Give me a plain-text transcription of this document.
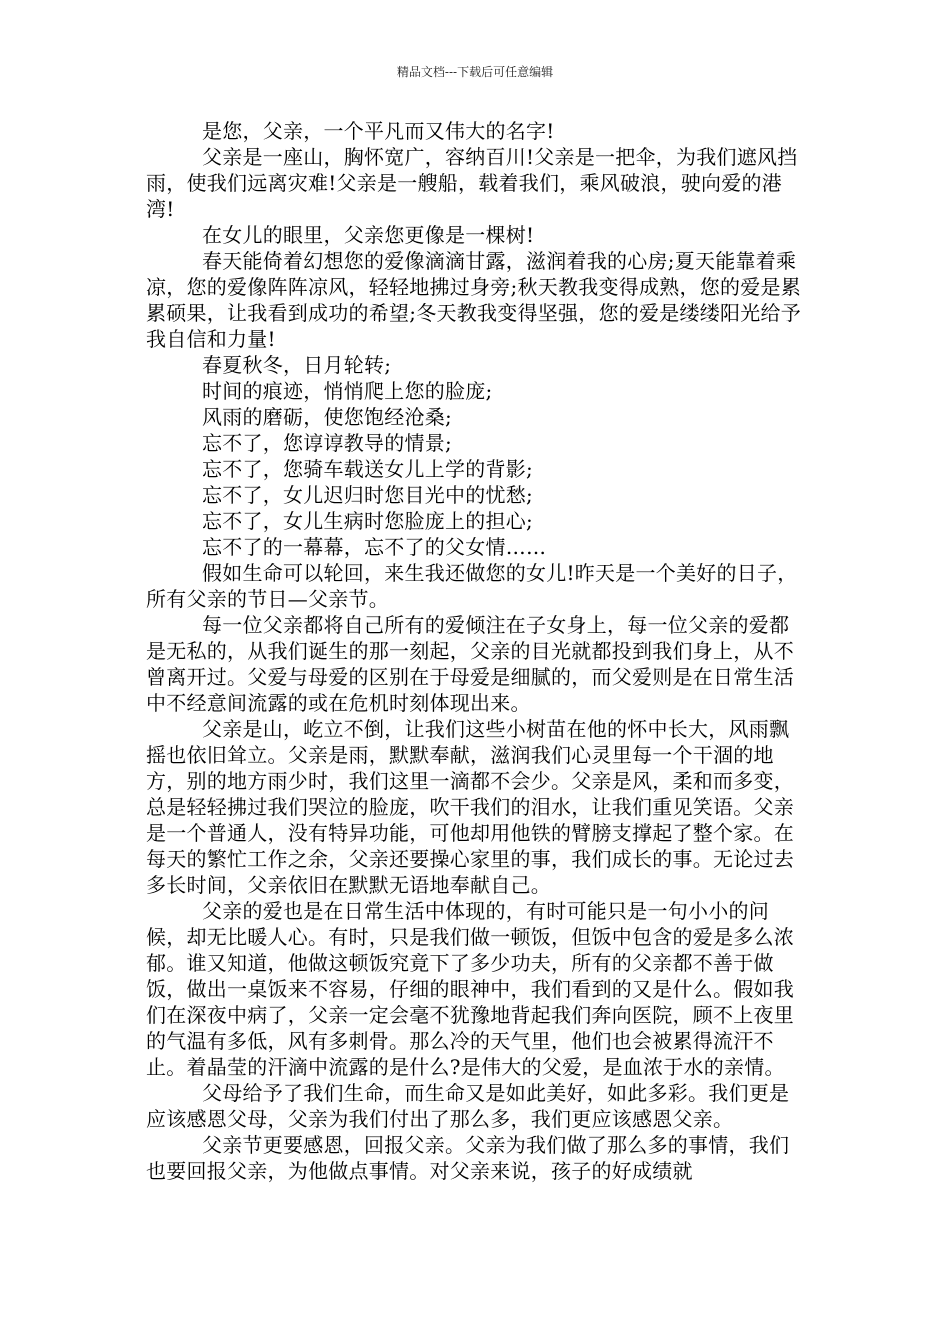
精品文档---下载后可任意编辑

是您，父亲，一个平凡而又伟大的名字!

父亲是一座山，胸怀宽广，容纳百川!父亲是一把伞，为我们遮风挡雨，使我们远离灾难!父亲是一艘船，载着我们，乘风破浪，驶向爱的港湾!

在女儿的眼里，父亲您更像是一棵树!

春天能倚着幻想您的爱像滴滴甘露，滋润着我的心房;夏天能靠着乘凉，您的爱像阵阵凉风，轻轻地拂过身旁;秋天教我变得成熟，您的爱是累累硕果，让我看到成功的希望;冬天教我变得坚强，您的爱是缕缕阳光给予我自信和力量!

春夏秋冬，日月轮转;

时间的痕迹，悄悄爬上您的脸庞;

风雨的磨砺，使您饱经沧桑;

忘不了，您谆谆教导的情景;

忘不了，您骑车载送女儿上学的背影;

忘不了，女儿迟归时您目光中的忧愁;

忘不了，女儿生病时您脸庞上的担心;

忘不了的一幕幕，忘不了的父女情……

假如生命可以轮回，来生我还做您的女儿!昨天是一个美好的日子，所有父亲的节日—父亲节。

每一位父亲都将自己所有的爱倾注在子女身上，每一位父亲的爱都是无私的，从我们诞生的那一刻起，父亲的目光就都投到我们身上，从不曾离开过。父爱与母爱的区别在于母爱是细腻的，而父爱则是在日常生活中不经意间流露的或在危机时刻体现出来。

父亲是山，屹立不倒，让我们这些小树苗在他的怀中长大，风雨飘摇也依旧耸立。父亲是雨，默默奉献，滋润我们心灵里每一个干涸的地方，别的地方雨少时，我们这里一滴都不会少。父亲是风，柔和而多变，总是轻轻拂过我们哭泣的脸庞，吹干我们的泪水，让我们重见笑语。父亲是一个普通人，没有特异功能，可他却用他铁的臂膀支撑起了整个家。在每天的繁忙工作之余，父亲还要操心家里的事，我们成长的事。无论过去多长时间，父亲依旧在默默无语地奉献自己。

父亲的爱也是在日常生活中体现的，有时可能只是一句小小的问候，却无比暖人心。有时，只是我们做一顿饭，但饭中包含的爱是多么浓郁。谁又知道，他做这顿饭究竟下了多少功夫，所有的父亲都不善于做饭，做出一桌饭来不容易，仔细的眼神中，我们看到的又是什么。假如我们在深夜中病了，父亲一定会毫不犹豫地背起我们奔向医院，顾不上夜里的气温有多低，风有多刺骨。那么冷的天气里，他们也会被累得流汗不止。着晶莹的汗滴中流露的是什么?是伟大的父爱，是血浓于水的亲情。

父母给予了我们生命，而生命又是如此美好，如此多彩。我们更是应该感恩父母，父亲为我们付出了那么多，我们更应该感恩父亲。

父亲节更要感恩，回报父亲。父亲为我们做了那么多的事情，我们也要回报父亲，为他做点事情。对父亲来说，孩子的好成绩就
